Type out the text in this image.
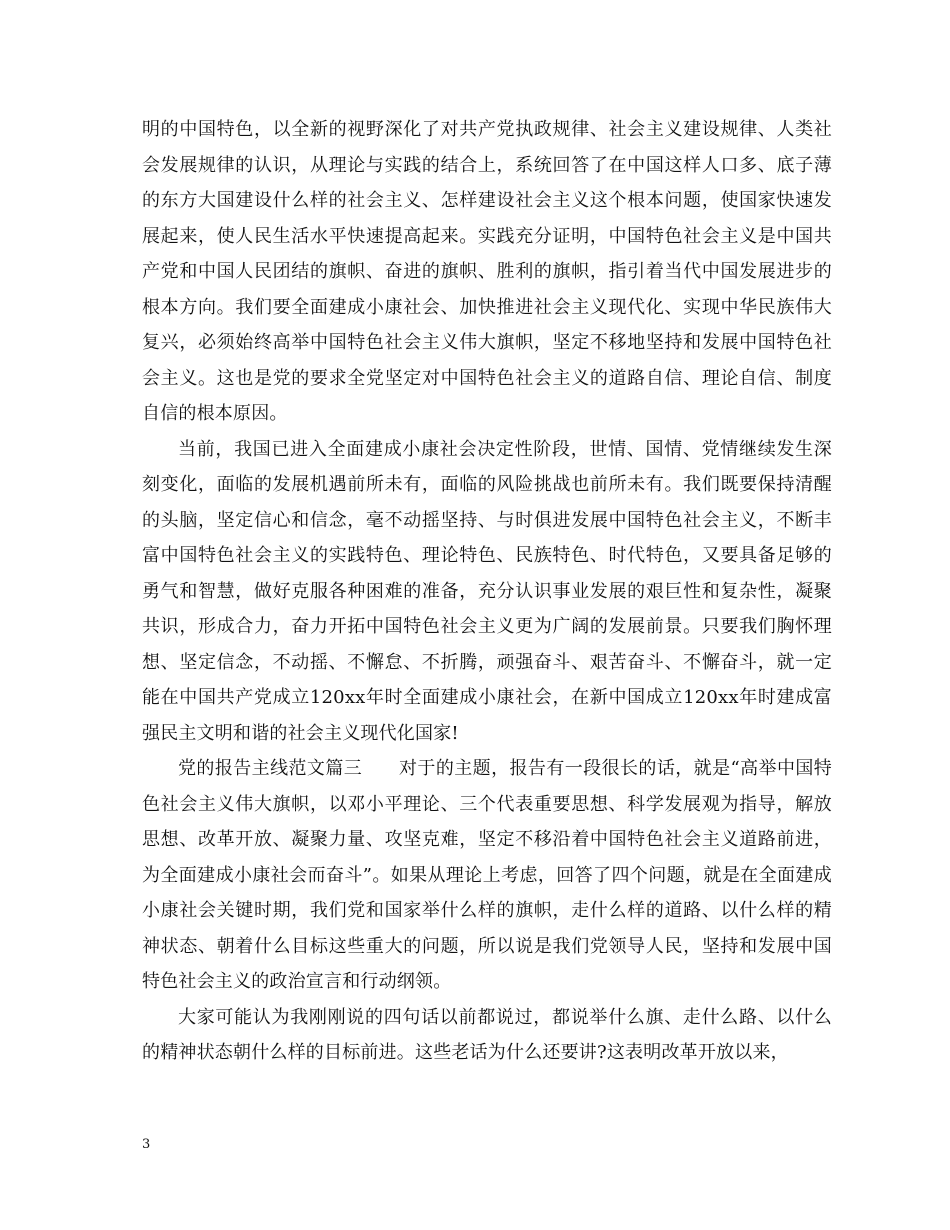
明的中国特色，以全新的视野深化了对共产党执政规律、社会主义建设规律、人类社会发展规律的认识，从理论与实践的结合上，系统回答了在中国这样人口多、底子薄的东方大国建设什么样的社会主义、怎样建设社会主义这个根本问题，使国家快速发展起来，使人民生活水平快速提高起来。实践充分证明，中国特色社会主义是中国共产党和中国人民团结的旗帜、奋进的旗帜、胜利的旗帜，指引着当代中国发展进步的根本方向。我们要全面建成小康社会、加快推进社会主义现代化、实现中华民族伟大复兴，必须始终高举中国特色社会主义伟大旗帜，坚定不移地坚持和发展中国特色社会主义。这也是党的要求全党坚定对中国特色社会主义的道路自信、理论自信、制度自信的根本原因。

当前，我国已进入全面建成小康社会决定性阶段，世情、国情、党情继续发生深刻变化，面临的发展机遇前所未有，面临的风险挑战也前所未有。我们既要保持清醒的头脑，坚定信心和信念，毫不动摇坚持、与时俱进发展中国特色社会主义，不断丰富中国特色社会主义的实践特色、理论特色、民族特色、时代特色，又要具备足够的勇气和智慧，做好克服各种困难的准备，充分认识事业发展的艰巨性和复杂性，凝聚共识，形成合力，奋力开拓中国特色社会主义更为广阔的发展前景。只要我们胸怀理想、坚定信念，不动摇、不懈怠、不折腾，顽强奋斗、艰苦奋斗、不懈奋斗，就一定能在中国共产党成立120xx年时全面建成小康社会，在新中国成立120xx年时建成富强民主文明和谐的社会主义现代化国家!

党的报告主线范文篇三　　对于的主题，报告有一段很长的话，就是“高举中国特色社会主义伟大旗帜，以邓小平理论、三个代表重要思想、科学发展观为指导，解放思想、改革开放、凝聚力量、攻坚克难，坚定不移沿着中国特色社会主义道路前进，为全面建成小康社会而奋斗”。如果从理论上考虑，回答了四个问题，就是在全面建成小康社会关键时期，我们党和国家举什么样的旗帜，走什么样的道路、以什么样的精神状态、朝着什么目标这些重大的问题，所以说是我们党领导人民，坚持和发展中国特色社会主义的政治宣言和行动纲领。

大家可能认为我刚刚说的四句话以前都说过，都说举什么旗、走什么路、以什么的精神状态朝什么样的目标前进。这些老话为什么还要讲?这表明改革开放以来，

3
